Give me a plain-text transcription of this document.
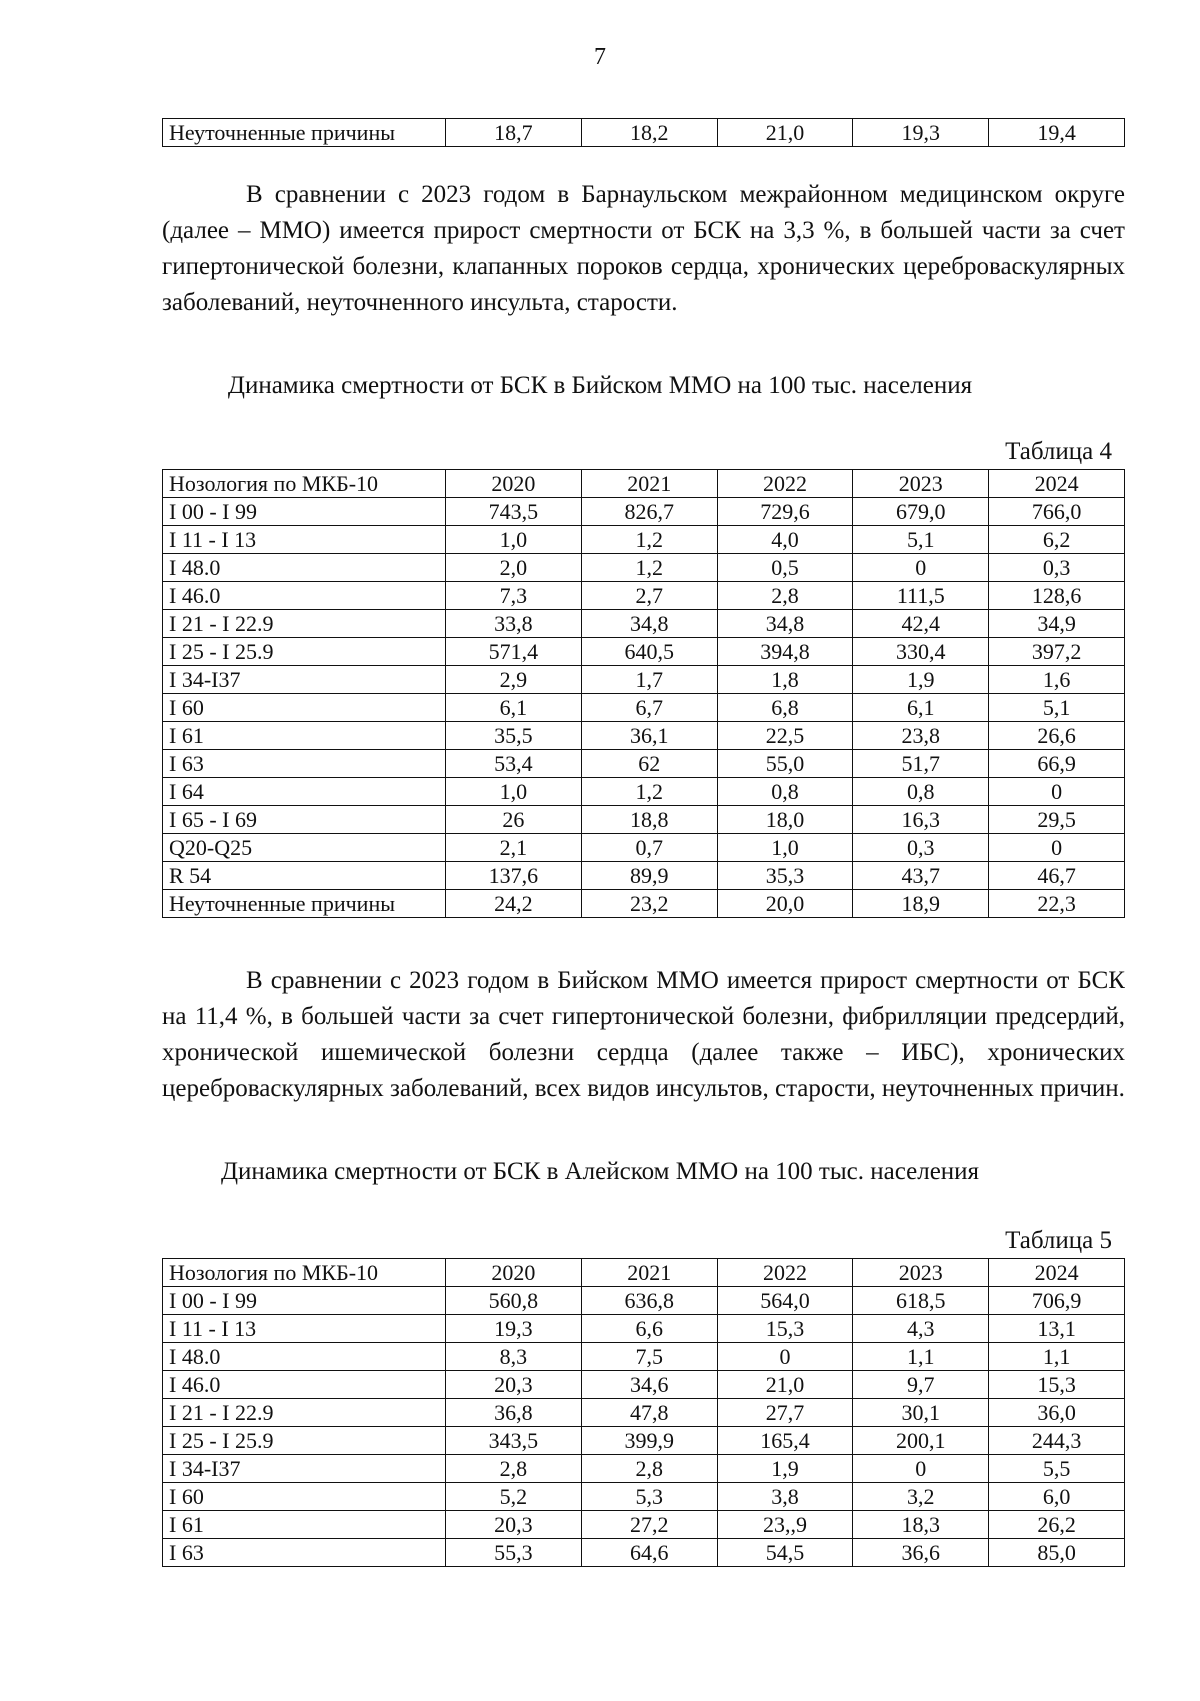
7
Неуточненные причины	18,7	18,2	21,0	19,3	19,4

В сравнении с 2023 годом в Барнаульском межрайонном медицинском округе (далее – ММО) имеется прирост смертности от БСК на 3,3 %, в большей части за счет гипертонической болезни, клапанных пороков сердца, хронических цереброваскулярных заболеваний, неуточненного инсульта, старости.

Динамика смертности от БСК в Бийском ММО на 100 тыс. населения
Таблица 4
Нозология по МКБ-10	2020	2021	2022	2023	2024
I 00 - I 99	743,5	826,7	729,6	679,0	766,0
I 11 - I 13	1,0	1,2	4,0	5,1	6,2
I 48.0	2,0	1,2	0,5	0	0,3
I 46.0	7,3	2,7	2,8	111,5	128,6
I 21 - I 22.9	33,8	34,8	34,8	42,4	34,9
I 25 - I 25.9	571,4	640,5	394,8	330,4	397,2
I 34-I37	2,9	1,7	1,8	1,9	1,6
I 60	6,1	6,7	6,8	6,1	5,1
I 61	35,5	36,1	22,5	23,8	26,6
I 63	53,4	62	55,0	51,7	66,9
I 64	1,0	1,2	0,8	0,8	0
I 65 - I 69	26	18,8	18,0	16,3	29,5
Q20-Q25	2,1	0,7	1,0	0,3	0
R 54	137,6	89,9	35,3	43,7	46,7
Неуточненные причины	24,2	23,2	20,0	18,9	22,3

В сравнении с 2023 годом в Бийском ММО имеется прирост смертности от БСК на 11,4 %, в большей части за счет гипертонической болезни, фибрилляции предсердий, хронической ишемической болезни сердца (далее также – ИБС), хронических цереброваскулярных заболеваний, всех видов инсультов, старости, неуточненных причин.

Динамика смертности от БСК в Алейском ММО на 100 тыс. населения
Таблица 5
Нозология по МКБ-10	2020	2021	2022	2023	2024
I 00 - I 99	560,8	636,8	564,0	618,5	706,9
I 11 - I 13	19,3	6,6	15,3	4,3	13,1
I 48.0	8,3	7,5	0	1,1	1,1
I 46.0	20,3	34,6	21,0	9,7	15,3
I 21 - I 22.9	36,8	47,8	27,7	30,1	36,0
I 25 - I 25.9	343,5	399,9	165,4	200,1	244,3
I 34-I37	2,8	2,8	1,9	0	5,5
I 60	5,2	5,3	3,8	3,2	6,0
I 61	20,3	27,2	23,,9	18,3	26,2
I 63	55,3	64,6	54,5	36,6	85,0
